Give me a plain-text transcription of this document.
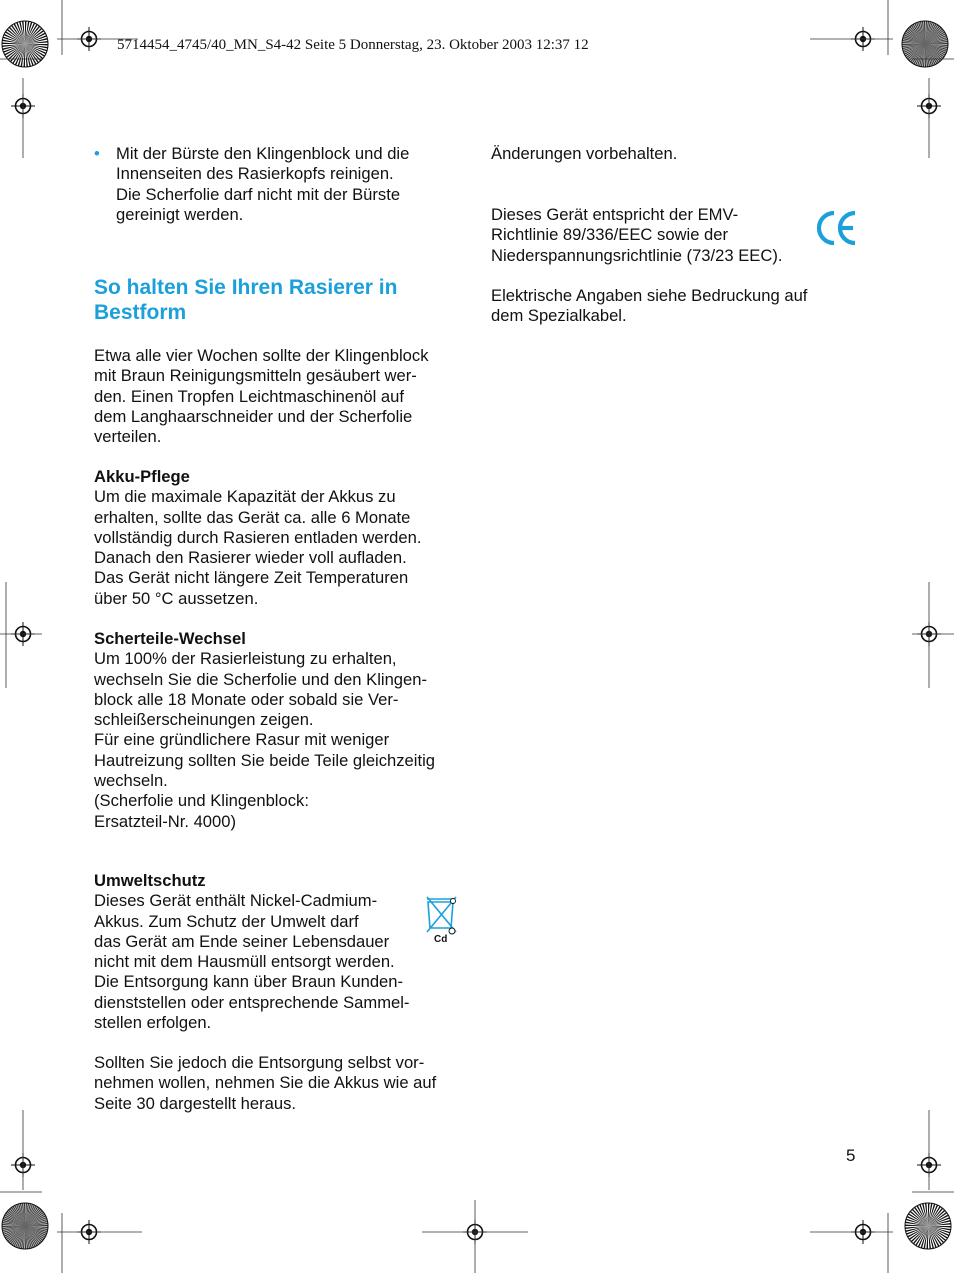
5714454_4745/40_MN_S4-42 Seite 5 Donnerstag, 23. Oktober 2003 12:37 12
• Mit der Bürste den Klingenblock und die

Innenseiten des Rasierkopfs reinigen.

Die Scherfolie darf nicht mit der Bürste

gereinigt werden.

So halten Sie Ihren Rasierer in
Bestform

Etwa alle vier Wochen sollte der Klingenblock

mit Braun Reinigungsmitteln gesäubert wer-

den. Einen Tropfen Leichtmaschinenöl auf

dem Langhaarschneider und der Scherfolie

verteilen.

Akku-Pflege

Um die maximale Kapazität der Akkus zu

erhalten, sollte das Gerät ca. alle 6 Monate

vollständig durch Rasieren entladen werden.

Danach den Rasierer wieder voll aufladen.

Das Gerät nicht längere Zeit Temperaturen

über 50 °C aussetzen.

Scherteile-Wechsel

Um 100% der Rasierleistung zu erhalten,

wechseln Sie die Scherfolie und den Klingen-

block alle 18 Monate oder sobald sie Ver-

schleißerscheinungen zeigen.

Für eine gründlichere Rasur mit weniger

Hautreizung sollten Sie beide Teile gleichzeitig

wechseln.

(Scherfolie und Klingenblock:

Ersatzteil-Nr. 4000)

Umweltschutz

Dieses Gerät enthält Nickel-Cadmium-

Akkus. Zum Schutz der Umwelt darf

das Gerät am Ende seiner Lebensdauer

nicht mit dem Hausmüll entsorgt werden.

Die Entsorgung kann über Braun Kunden-

dienststellen oder entsprechende Sammel-

stellen erfolgen.

Cd

Sollten Sie jedoch die Entsorgung selbst vor-

nehmen wollen, nehmen Sie die Akkus wie auf

Seite 30 dargestellt heraus.

Änderungen vorbehalten.

Dieses Gerät entspricht der EMV-

Richtlinie 89/336/EEC sowie der

Niederspannungsrichtlinie (73/23 EEC).

Elektrische Angaben siehe Bedruckung auf

dem Spezialkabel.

5
